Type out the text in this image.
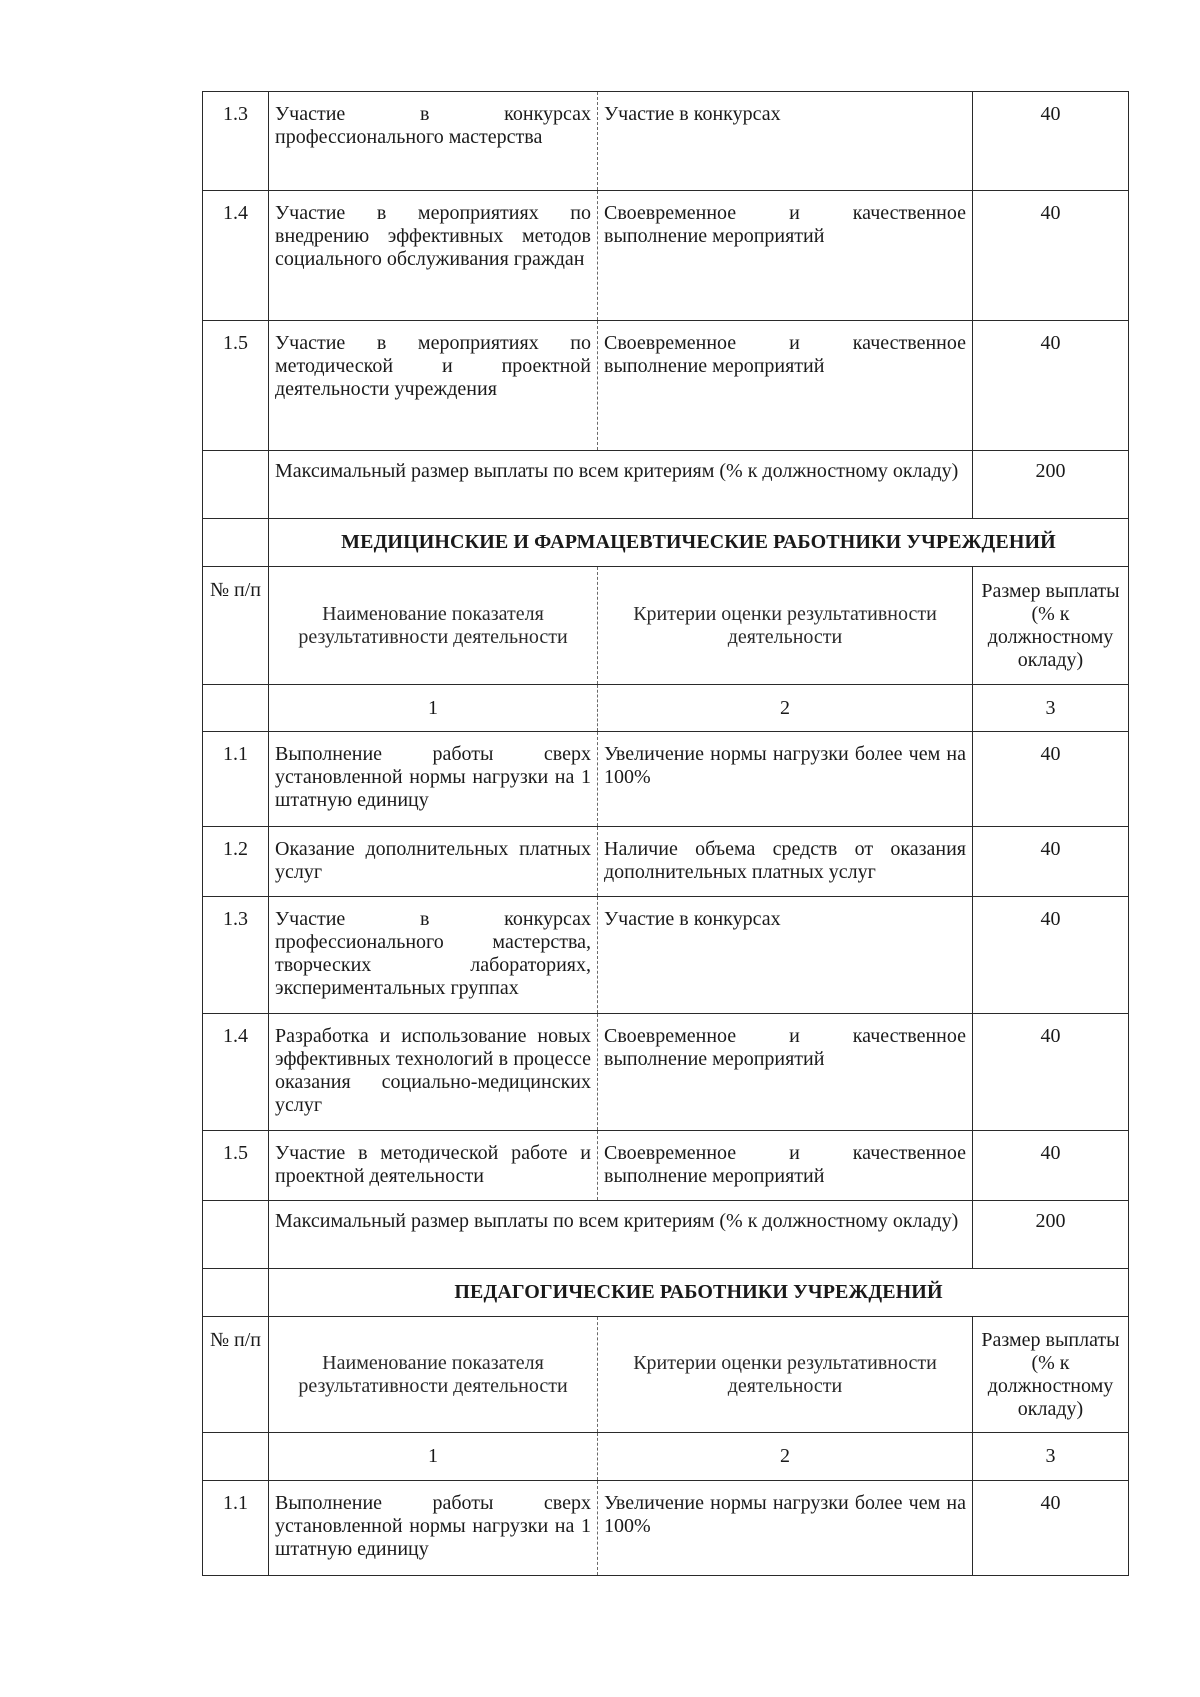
1.3	Участие в конкурсах профессионального мастерства	Участие в конкурсах	40
1.4	Участие в мероприятиях по внедрению эффективных методов социального обслуживания граждан	Своевременное и качественное выполнение мероприятий	40
1.5	Участие в мероприятиях по методической и проектной деятельности учреждения	Своевременное и качественное выполнение мероприятий	40
	Максимальный размер выплаты по всем критериям (% к должностному окладу)		200
	МЕДИЦИНСКИЕ И ФАРМАЦЕВТИЧЕСКИЕ РАБОТНИКИ УЧРЕЖДЕНИЙ		
№ п/п	Наименование показателя результативности деятельности	Критерии оценки результативности деятельности	Размер выплаты (% к должностному окладу)
	1	2	3
1.1	Выполнение работы сверх установленной нормы нагрузки на 1 штатную единицу	Увеличение нормы нагрузки более чем на 100%	40
1.2	Оказание дополнительных платных услуг	Наличие объема средств от оказания дополнительных платных услуг	40
1.3	Участие в конкурсах профессионального мастерства, творческих лабораториях, экспериментальных группах	Участие в конкурсах	40
1.4	Разработка и использование новых эффективных технологий в процессе оказания социально-медицинских услуг	Своевременное и качественное выполнение мероприятий	40
1.5	Участие в методической работе и проектной деятельности	Своевременное и качественное выполнение мероприятий	40
	Максимальный размер выплаты по всем критериям (% к должностному окладу)		200
	ПЕДАГОГИЧЕСКИЕ РАБОТНИКИ УЧРЕЖДЕНИЙ		
№ п/п	Наименование показателя результативности деятельности	Критерии оценки результативности деятельности	Размер выплаты (% к должностному окладу)
	1	2	3
1.1	Выполнение работы сверх установленной нормы нагрузки на 1 штатную единицу	Увеличение нормы нагрузки более чем на 100%	40
